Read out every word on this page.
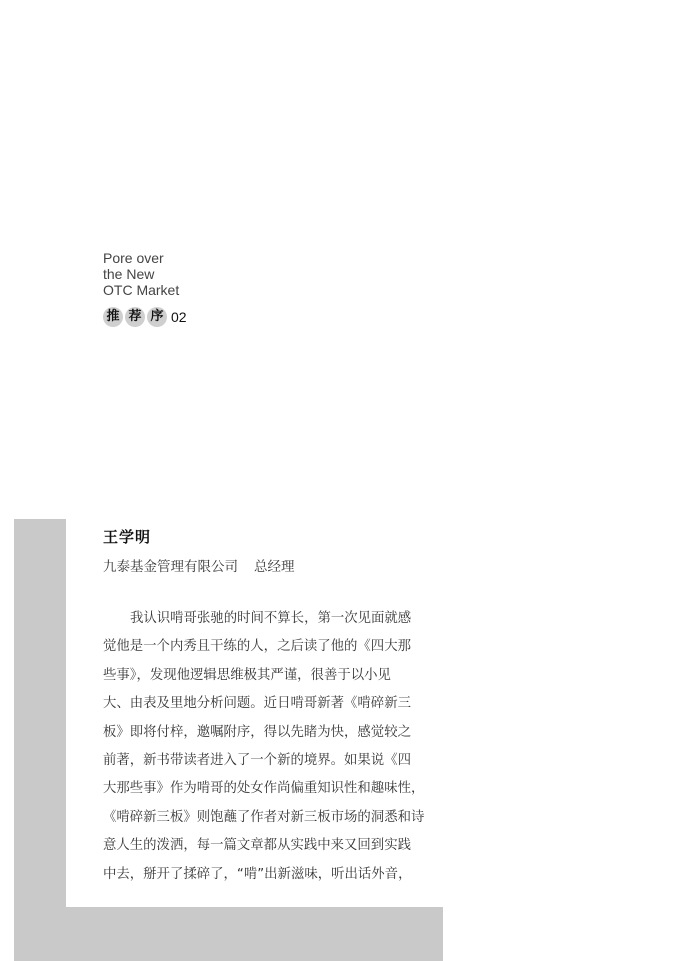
Pore over
the New
OTC Market
推 荐 序 02
王学明
九泰基金管理有限公司 总经理
我认识啃哥张驰的时间不算长，第一次见面就感
觉他是一个内秀且干练的人，之后读了他的《四大那
些事》，发现他逻辑思维极其严谨，很善于以小见
大、由表及里地分析问题。近日啃哥新著《啃碎新三
板》即将付梓，邀嘱附序，得以先睹为快，感觉较之
前著，新书带读者进入了一个新的境界。如果说《四
大那些事》作为啃哥的处女作尚偏重知识性和趣味性，
《啃碎新三板》则饱蘸了作者对新三板市场的洞悉和诗
意人生的泼洒，每一篇文章都从实践中来又回到实践
中去，掰开了揉碎了，“啃”出新滋味，听出话外音，
